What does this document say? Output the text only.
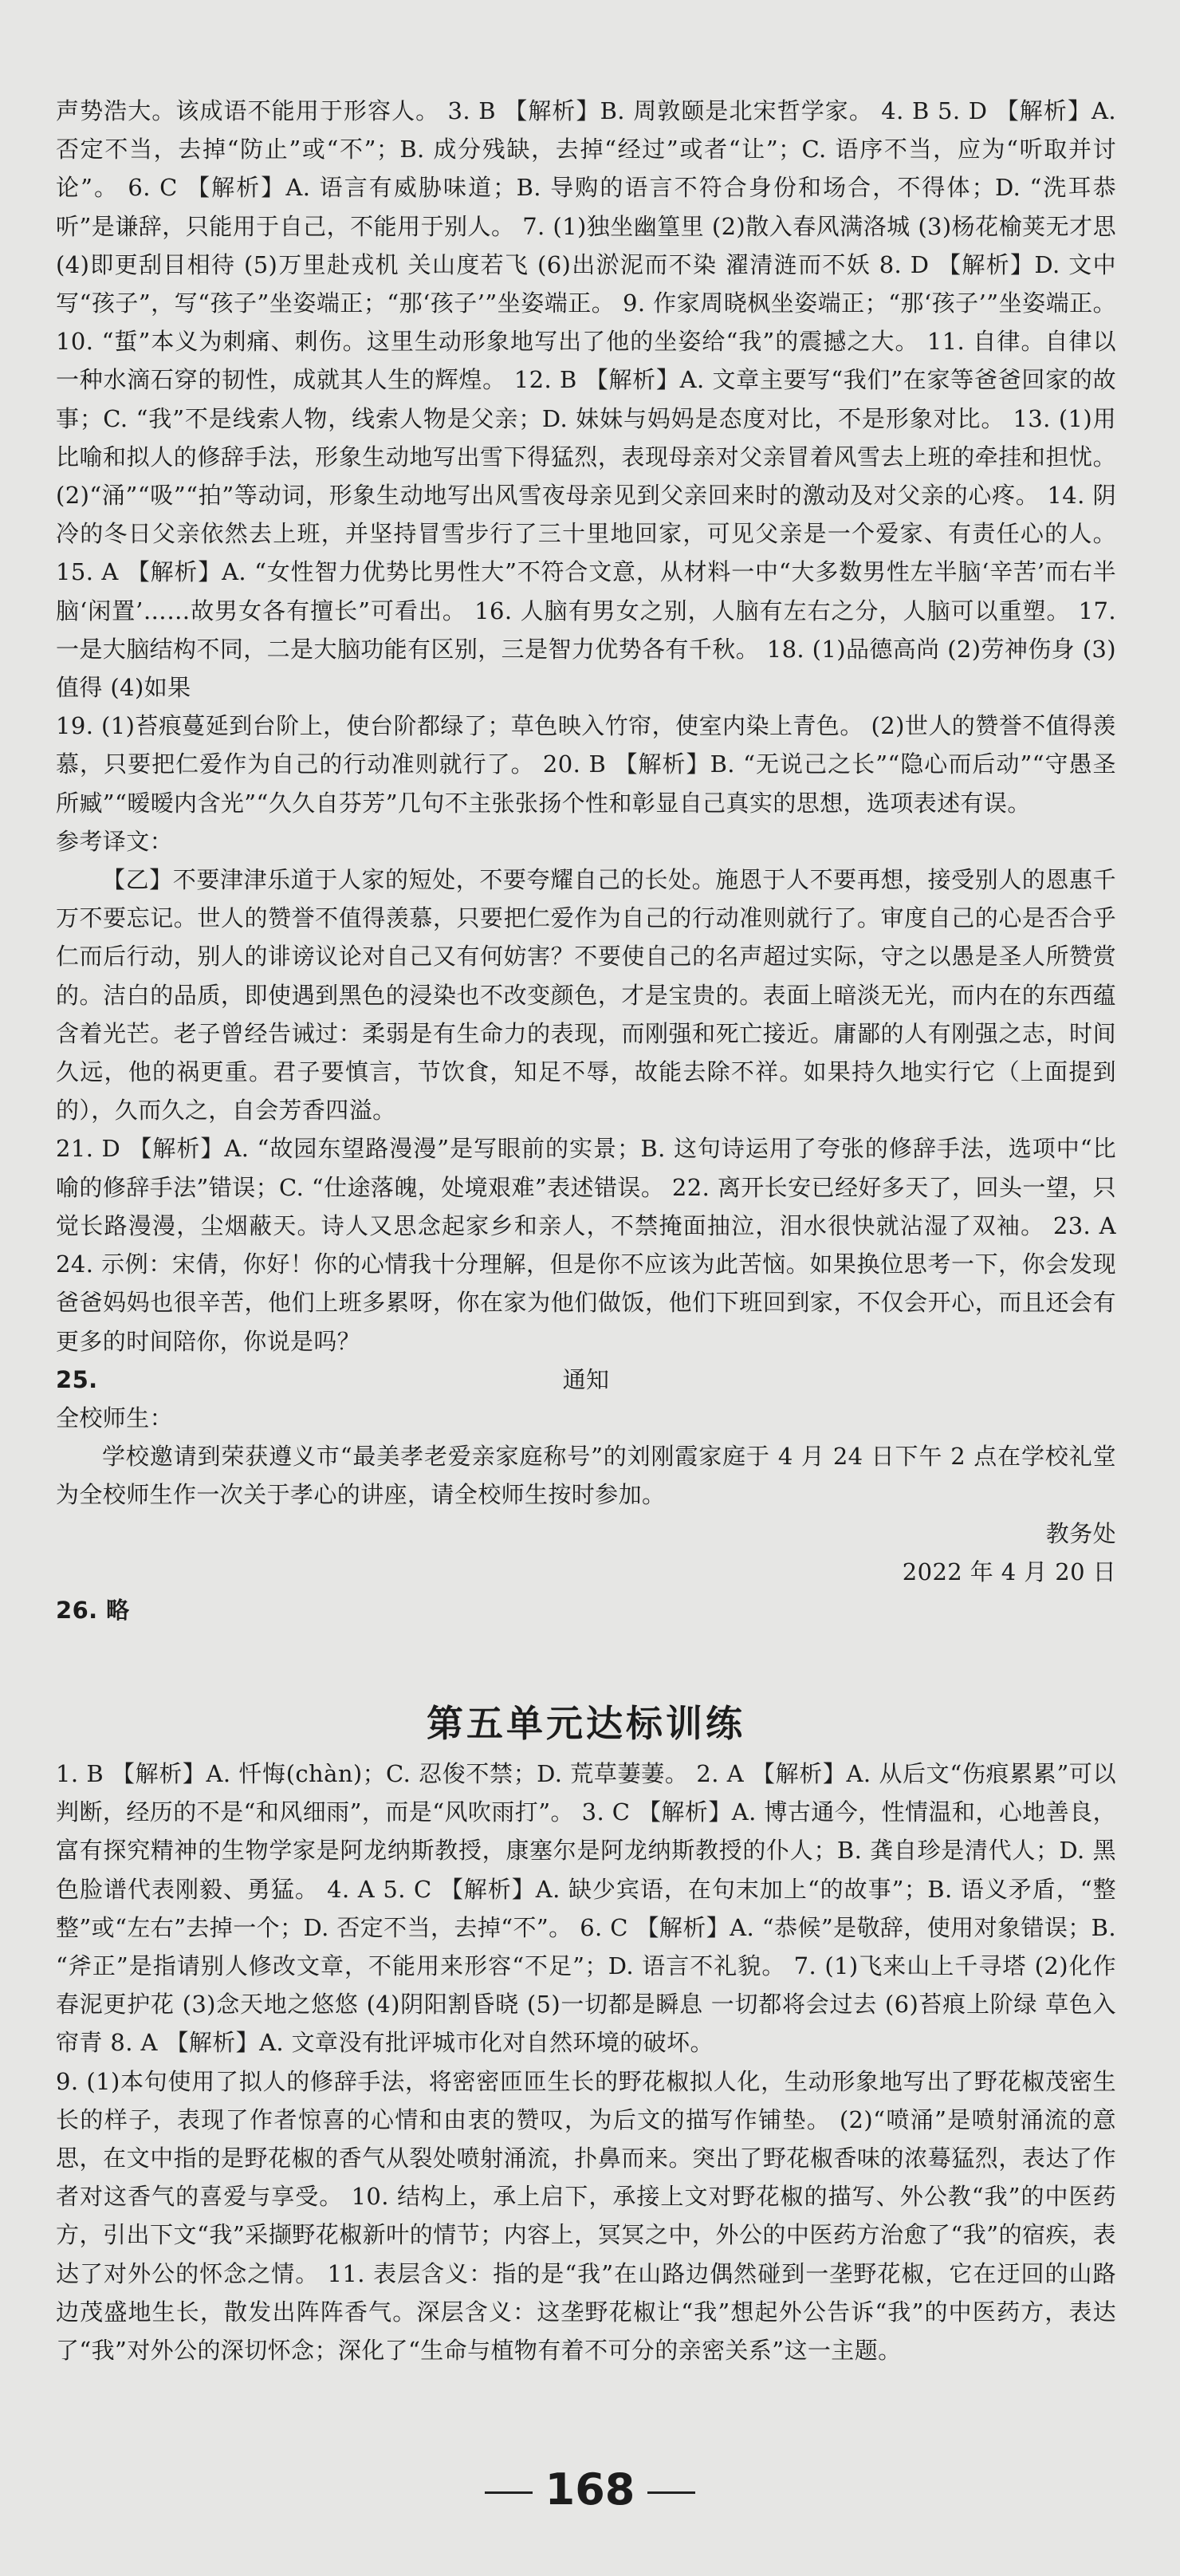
声势浩大。该成语不能用于形容人。 3. B 【解析】B. 周敦颐是北宋哲学家。 4. B 5. D 【解析】A. 否定不当，去掉“防止”或“不”；B. 成分残缺，去掉“经过”或者“让”；C. 语序不当，应为“听取并讨论”。 6. C 【解析】A. 语言有威胁味道；B. 导购的语言不符合身份和场合，不得体；D. “洗耳恭听”是谦辞，只能用于自己，不能用于别人。 7. (1)独坐幽篁里 (2)散入春风满洛城 (3)杨花榆荚无才思 (4)即更刮目相待 (5)万里赴戎机 关山度若飞 (6)出淤泥而不染 濯清涟而不妖 8. D 【解析】D. 文中写“孩子”，写“孩子”坐姿端正；“那‘孩子’”坐姿端正。 9. 作家周晓枫坐姿端正；“那‘孩子’”坐姿端正。 10. “蜇”本义为刺痛、刺伤。这里生动形象地写出了他的坐姿给“我”的震撼之大。 11. 自律。自律以一种水滴石穿的韧性，成就其人生的辉煌。 12. B 【解析】A. 文章主要写“我们”在家等爸爸回家的故事；C. “我”不是线索人物，线索人物是父亲；D. 妹妹与妈妈是态度对比，不是形象对比。 13. (1)用比喻和拟人的修辞手法，形象生动地写出雪下得猛烈，表现母亲对父亲冒着风雪去上班的牵挂和担忧。 (2)“涌”“吸”“拍”等动词，形象生动地写出风雪夜母亲见到父亲回来时的激动及对父亲的心疼。 14. 阴冷的冬日父亲依然去上班，并坚持冒雪步行了三十里地回家，可见父亲是一个爱家、有责任心的人。 15. A 【解析】A. “女性智力优势比男性大”不符合文意，从材料一中“大多数男性左半脑‘辛苦’而右半脑‘闲置’……故男女各有擅长”可看出。 16. 人脑有男女之别，人脑有左右之分，人脑可以重塑。 17. 一是大脑结构不同，二是大脑功能有区别，三是智力优势各有千秋。 18. (1)品德高尚 (2)劳神伤身 (3)值得 (4)如果

19. (1)苔痕蔓延到台阶上，使台阶都绿了；草色映入竹帘，使室内染上青色。 (2)世人的赞誉不值得羡慕，只要把仁爱作为自己的行动准则就行了。 20. B 【解析】B. “无说己之长”“隐心而后动”“守愚圣所臧”“暧暧内含光”“久久自芬芳”几句不主张张扬个性和彰显自己真实的思想，选项表述有误。

参考译文：

【乙】不要津津乐道于人家的短处，不要夸耀自己的长处。施恩于人不要再想，接受别人的恩惠千万不要忘记。世人的赞誉不值得羡慕，只要把仁爱作为自己的行动准则就行了。审度自己的心是否合乎仁而后行动，别人的诽谤议论对自己又有何妨害？不要使自己的名声超过实际，守之以愚是圣人所赞赏的。洁白的品质，即使遇到黑色的浸染也不改变颜色，才是宝贵的。表面上暗淡无光，而内在的东西蕴含着光芒。老子曾经告诫过：柔弱是有生命力的表现，而刚强和死亡接近。庸鄙的人有刚强之志，时间久远，他的祸更重。君子要慎言，节饮食，知足不辱，故能去除不祥。如果持久地实行它（上面提到的），久而久之，自会芳香四溢。

21. D 【解析】A. “故园东望路漫漫”是写眼前的实景；B. 这句诗运用了夸张的修辞手法，选项中“比喻的修辞手法”错误；C. “仕途落魄，处境艰难”表述错误。 22. 离开长安已经好多天了，回头一望，只觉长路漫漫，尘烟蔽天。诗人又思念起家乡和亲人，不禁掩面抽泣，泪水很快就沾湿了双袖。 23. A 24. 示例：宋倩，你好！你的心情我十分理解，但是你不应该为此苦恼。如果换位思考一下，你会发现爸爸妈妈也很辛苦，他们上班多累呀，你在家为他们做饭，他们下班回到家，不仅会开心，而且还会有更多的时间陪你，你说是吗？

25.	通知

全校师生：

学校邀请到荣获遵义市“最美孝老爱亲家庭称号”的刘刚霞家庭于 4 月 24 日下午 2 点在学校礼堂为全校师生作一次关于孝心的讲座，请全校师生按时参加。

教务处

2022 年 4 月 20 日

26. 略

第五单元达标训练

1. B 【解析】A. 忏悔(chàn)；C. 忍俊不禁；D. 荒草萋萋。 2. A 【解析】A. 从后文“伤痕累累”可以判断，经历的不是“和风细雨”，而是“风吹雨打”。 3. C 【解析】A. 博古通今，性情温和，心地善良，富有探究精神的生物学家是阿龙纳斯教授，康塞尔是阿龙纳斯教授的仆人；B. 龚自珍是清代人；D. 黑色脸谱代表刚毅、勇猛。 4. A 5. C 【解析】A. 缺少宾语，在句末加上“的故事”；B. 语义矛盾，“整整”或“左右”去掉一个；D. 否定不当，去掉“不”。 6. C 【解析】A. “恭候”是敬辞，使用对象错误；B. “斧正”是指请别人修改文章，不能用来形容“不足”；D. 语言不礼貌。 7. (1)飞来山上千寻塔 (2)化作春泥更护花 (3)念天地之悠悠 (4)阴阳割昏晓 (5)一切都是瞬息 一切都将会过去 (6)苔痕上阶绿 草色入帘青 8. A 【解析】A. 文章没有批评城市化对自然环境的破坏。

9. (1)本句使用了拟人的修辞手法，将密密匝匝生长的野花椒拟人化，生动形象地写出了野花椒茂密生长的样子，表现了作者惊喜的心情和由衷的赞叹，为后文的描写作铺垫。 (2)“喷涌”是喷射涌流的意思，在文中指的是野花椒的香气从裂处喷射涌流，扑鼻而来。突出了野花椒香味的浓蓦猛烈，表达了作者对这香气的喜爱与享受。 10. 结构上，承上启下，承接上文对野花椒的描写、外公教“我”的中医药方，引出下文“我”采撷野花椒新叶的情节；内容上，冥冥之中，外公的中医药方治愈了“我”的宿疾，表达了对外公的怀念之情。 11. 表层含义：指的是“我”在山路边偶然碰到一垄野花椒，它在迂回的山路边茂盛地生长，散发出阵阵香气。深层含义：这垄野花椒让“我”想起外公告诉“我”的中医药方，表达了“我”对外公的深切怀念；深化了“生命与植物有着不可分的亲密关系”这一主题。

168
